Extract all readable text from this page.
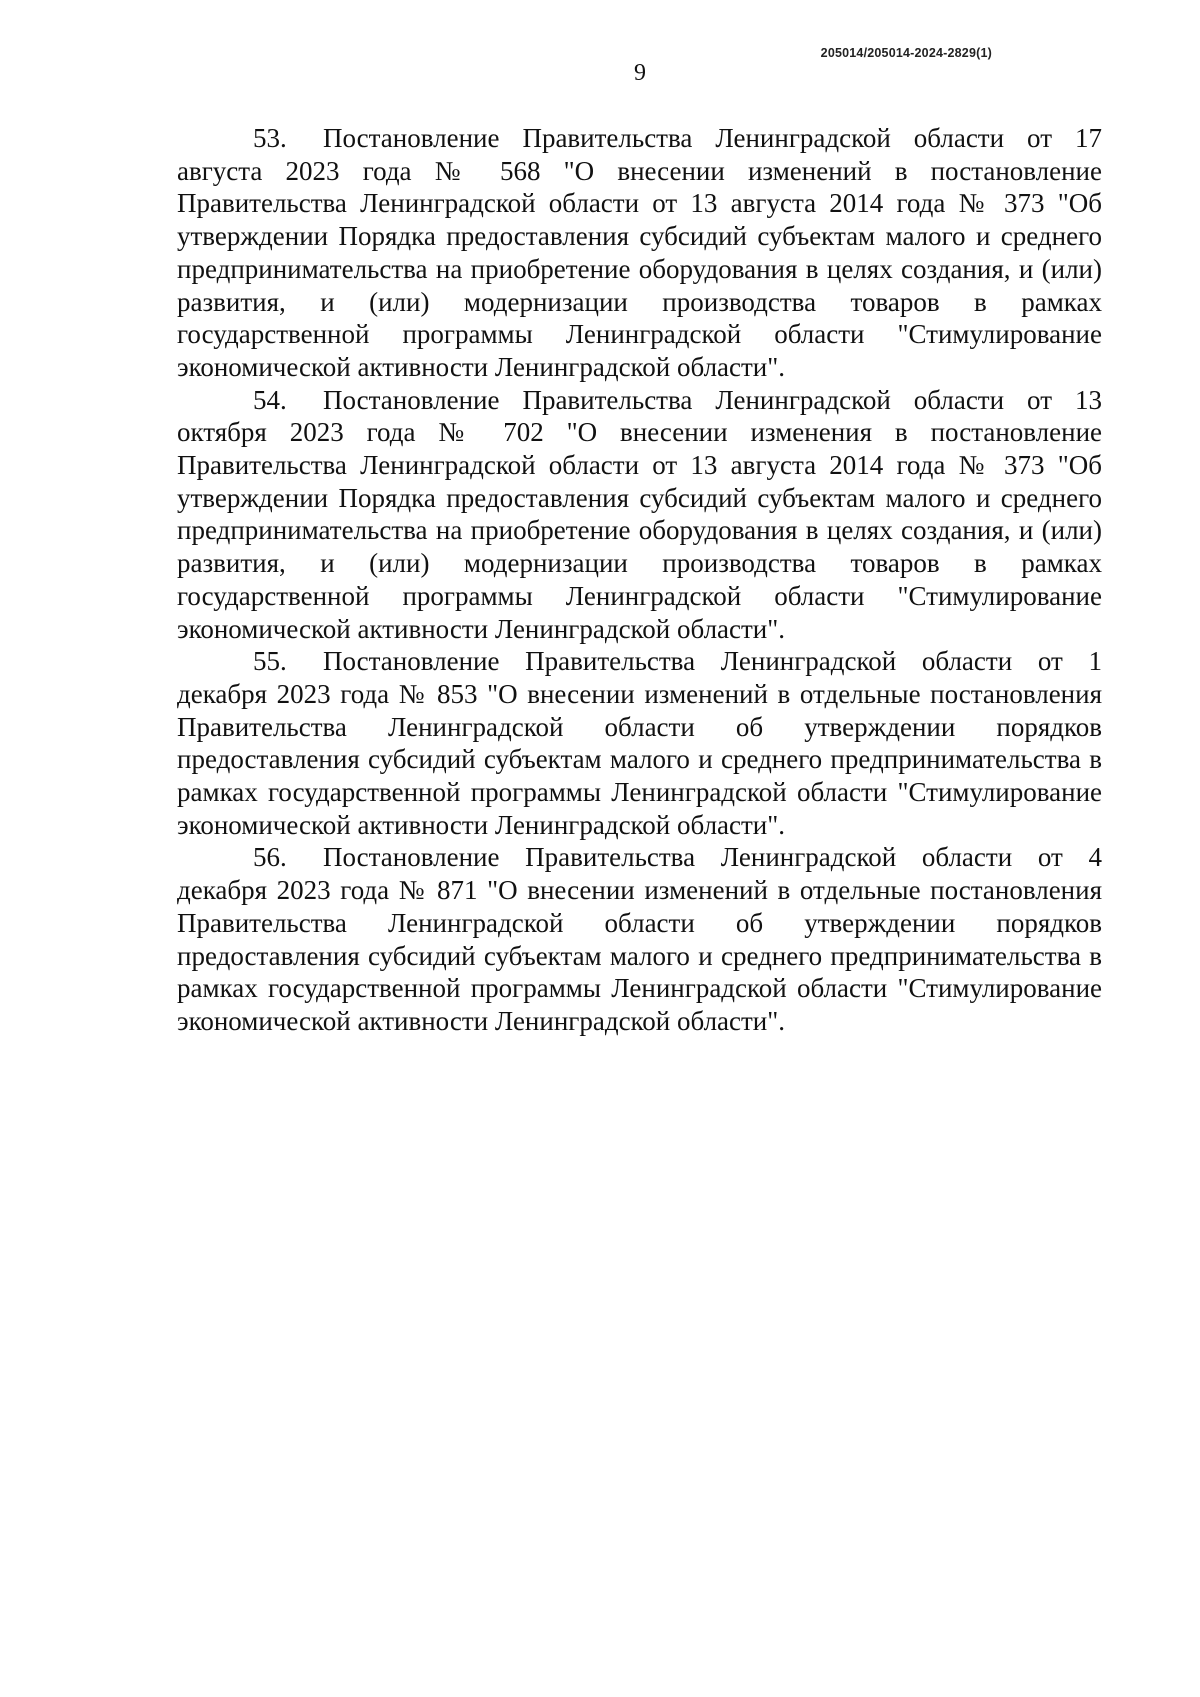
205014/205014-2024-2829(1)
9

53. Постановление Правительства Ленинградской области от 17 августа 2023 года № 568 "О внесении изменений в постановление Правительства Ленинградской области от 13 августа 2014 года № 373 "Об утверждении Порядка предоставления субсидий субъектам малого и среднего предпринимательства на приобретение оборудования в целях создания, и (или) развития, и (или) модернизации производства товаров в рамках государственной программы Ленинградской области "Стимулирование экономической активности Ленинградской области".

54. Постановление Правительства Ленинградской области от 13 октября 2023 года № 702 "О внесении изменения в постановление Правительства Ленинградской области от 13 августа 2014 года № 373 "Об утверждении Порядка предоставления субсидий субъектам малого и среднего предпринимательства на приобретение оборудования в целях создания, и (или) развития, и (или) модернизации производства товаров в рамках государственной программы Ленинградской области "Стимулирование экономической активности Ленинградской области".

55. Постановление Правительства Ленинградской области от 1 декабря 2023 года № 853 "О внесении изменений в отдельные постановления Правительства Ленинградской области об утверждении порядков предоставления субсидий субъектам малого и среднего предпринимательства в рамках государственной программы Ленинградской области "Стимулирование экономической активности Ленинградской области".

56. Постановление Правительства Ленинградской области от 4 декабря 2023 года № 871 "О внесении изменений в отдельные постановления Правительства Ленинградской области об утверждении порядков предоставления субсидий субъектам малого и среднего предпринимательства в рамках государственной программы Ленинградской области "Стимулирование экономической активности Ленинградской области".
